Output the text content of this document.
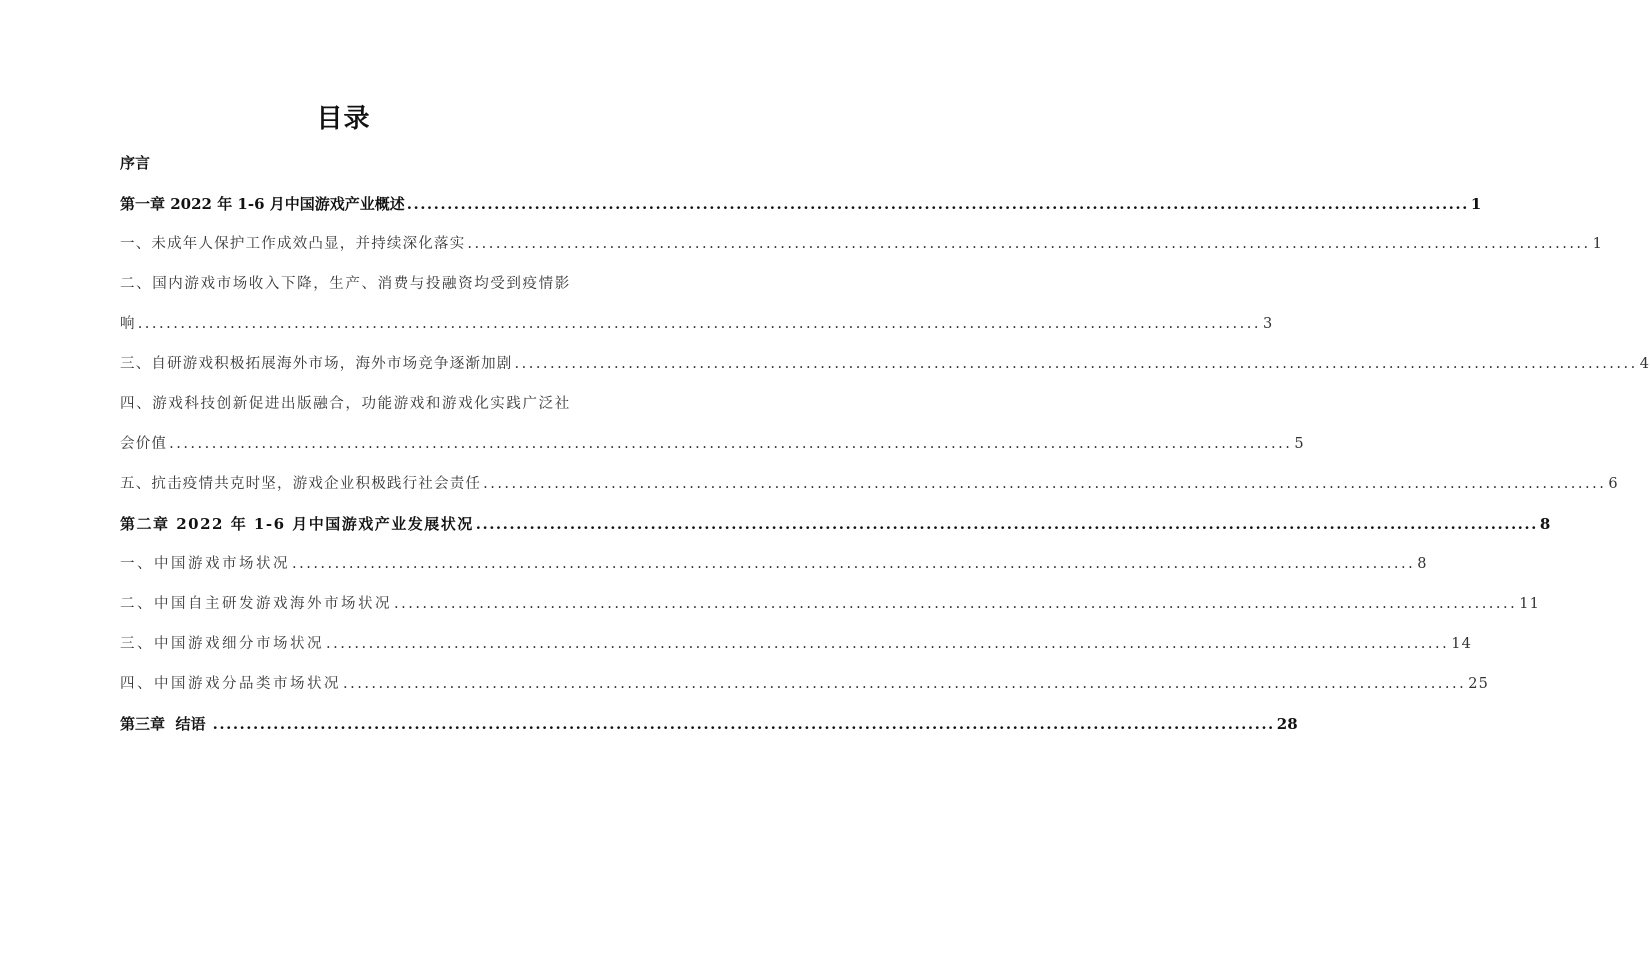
目录
序言
第一章 2022 年 1-6 月中国游戏产业概述 .............................................................................................................................................................. 1
一、未成年人保护工作成效凸显，并持续深化落实 .............................................................................................................................................................. 1
二、国内游戏市场收入下降，生产、消费与投融资均受到疫情影
响 .............................................................................................................................................................. 3
三、自研游戏积极拓展海外市场，海外市场竞争逐渐加剧 .............................................................................................................................................................. 4
四、游戏科技创新促进出版融合，功能游戏和游戏化实践广泛社
会价值 .............................................................................................................................................................. 5
五、抗击疫情共克时坚，游戏企业积极践行社会责任 .............................................................................................................................................................. 6
第二章 2022 年 1-6 月中国游戏产业发展状况 .............................................................................................................................................................. 8
一、中国游戏市场状况 .............................................................................................................................................................. 8
二、中国自主研发游戏海外市场状况 .............................................................................................................................................................. 11
三、中国游戏细分市场状况 .............................................................................................................................................................. 14
四、中国游戏分品类市场状况 .............................................................................................................................................................. 25
第三章  结语 .............................................................................................................................................................. 28
